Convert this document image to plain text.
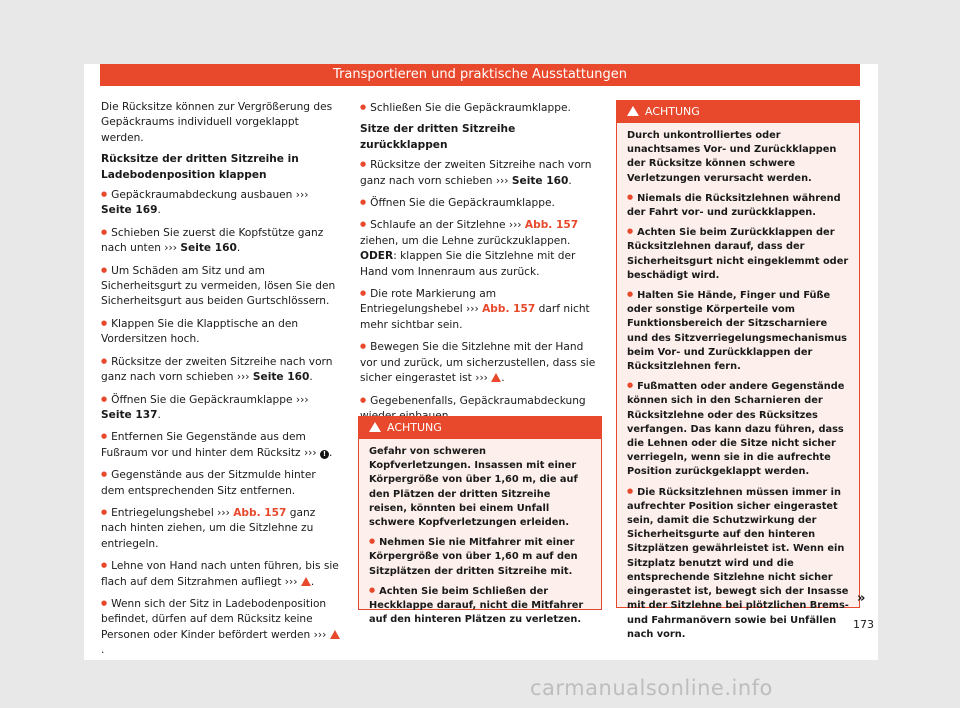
Transportieren und praktische Ausstattungen

Die Rücksitze können zur Vergrößerung des Gepäckraums individuell vorgeklappt werden.

Rücksitze der dritten Sitzreihe in Ladebodenposition klappen

● Gepäckraumabdeckung ausbauen ››› Seite 169.

● Schieben Sie zuerst die Kopfstütze ganz nach unten ››› Seite 160.

● Um Schäden am Sitz und am Sicherheitsgurt zu vermeiden, lösen Sie den Sicherheitsgurt aus beiden Gurtschlössern.

● Klappen Sie die Klapptische an den Vordersitzen hoch.

● Rücksitze der zweiten Sitzreihe nach vorn ganz nach vorn schieben ››› Seite 160.

● Öffnen Sie die Gepäckraumklappe ››› Seite 137.

● Entfernen Sie Gegenstände aus dem Fußraum vor und hinter dem Rücksitz ››› ! .

● Gegenstände aus der Sitzmulde hinter dem entsprechenden Sitz entfernen.

● Entriegelungshebel ››› Abb. 157 ganz nach hinten ziehen, um die Sitzlehne zu entriegeln.

● Lehne von Hand nach unten führen, bis sie flach auf dem Sitzrahmen aufliegt ››› .

● Wenn sich der Sitz in Ladebodenposition befindet, dürfen auf dem Rücksitz keine Personen oder Kinder befördert werden ››› .

● Schließen Sie die Gepäckraumklappe.

Sitze der dritten Sitzreihe zurückklappen

● Rücksitze der zweiten Sitzreihe nach vorn ganz nach vorn schieben ››› Seite 160.

● Öffnen Sie die Gepäckraumklappe.

● Schlaufe an der Sitzlehne ››› Abb. 157 ziehen, um die Lehne zurückzuklappen. ODER: klappen Sie die Sitzlehne mit der Hand vom Innenraum aus zurück.

● Die rote Markierung am Entriegelungshebel ››› Abb. 157 darf nicht mehr sichtbar sein.

● Bewegen Sie die Sitzlehne mit der Hand vor und zurück, um sicherzustellen, dass sie sicher eingerastet ist ››› .

● Gegebenenfalls, Gepäckraumabdeckung

●

ACHTUNG

Gefahr von schweren Kopfverletzungen. Insassen mit einer Körpergröße von über 1,60 m, die auf den Plätzen der dritten Sitzreihe reisen, könnten bei einem Unfall schwere Kopfverletzungen erleiden.

● Nehmen Sie nie Mitfahrer mit einer Körpergröße von über 1,60 m auf den Sitzplätzen der dritten Sitzreihe mit.

● Achten Sie beim Schließen der Heckklappe darauf, nicht die Mitfahrer auf den hinteren Plätzen zu verletzen.

ACHTUNG

Durch unkontrolliertes oder unachtsames Vor- und Zurückklappen der Rücksitze können schwere Verletzungen verursacht werden.

● Niemals die Rücksitzlehnen während der Fahrt vor- und zurückklappen.

● Achten Sie beim Zurückklappen der Rücksitzlehnen darauf, dass der Sicherheitsgurt nicht eingeklemmt oder beschädigt wird.

● Halten Sie Hände, Finger und Füße oder sonstige Körperteile vom Funktionsbereich der Sitzscharniere und des Sitzverriegelungsmechanismus beim Vor- und Zurückklappen der Rücksitzlehnen fern.

● Fußmatten oder andere Gegenstände können sich in den Scharnieren der Rücksitzlehne oder des Rücksitzes verfangen. Das kann dazu führen, dass die Lehnen oder die Sitze nicht sicher verriegeln, wenn sie in die aufrechte Position zurückgeklappt werden.

● Die Rücksitzlehnen müssen immer in aufrechter Position sicher eingerastet sein, damit die Schutzwirkung der Sicherheitsgurte auf den hinteren Sitzplätzen gewährleistet ist. Wenn ein Sitzplatz benutzt wird und die entsprechende Sitzlehne nicht sicher eingerastet ist, bewegt sich der Insasse mit der Sitzlehne bei plötzlichen Brems- und Fahrmanövern sowie bei Unfällen nach vorn.

»
173
carmanualsonline.info
